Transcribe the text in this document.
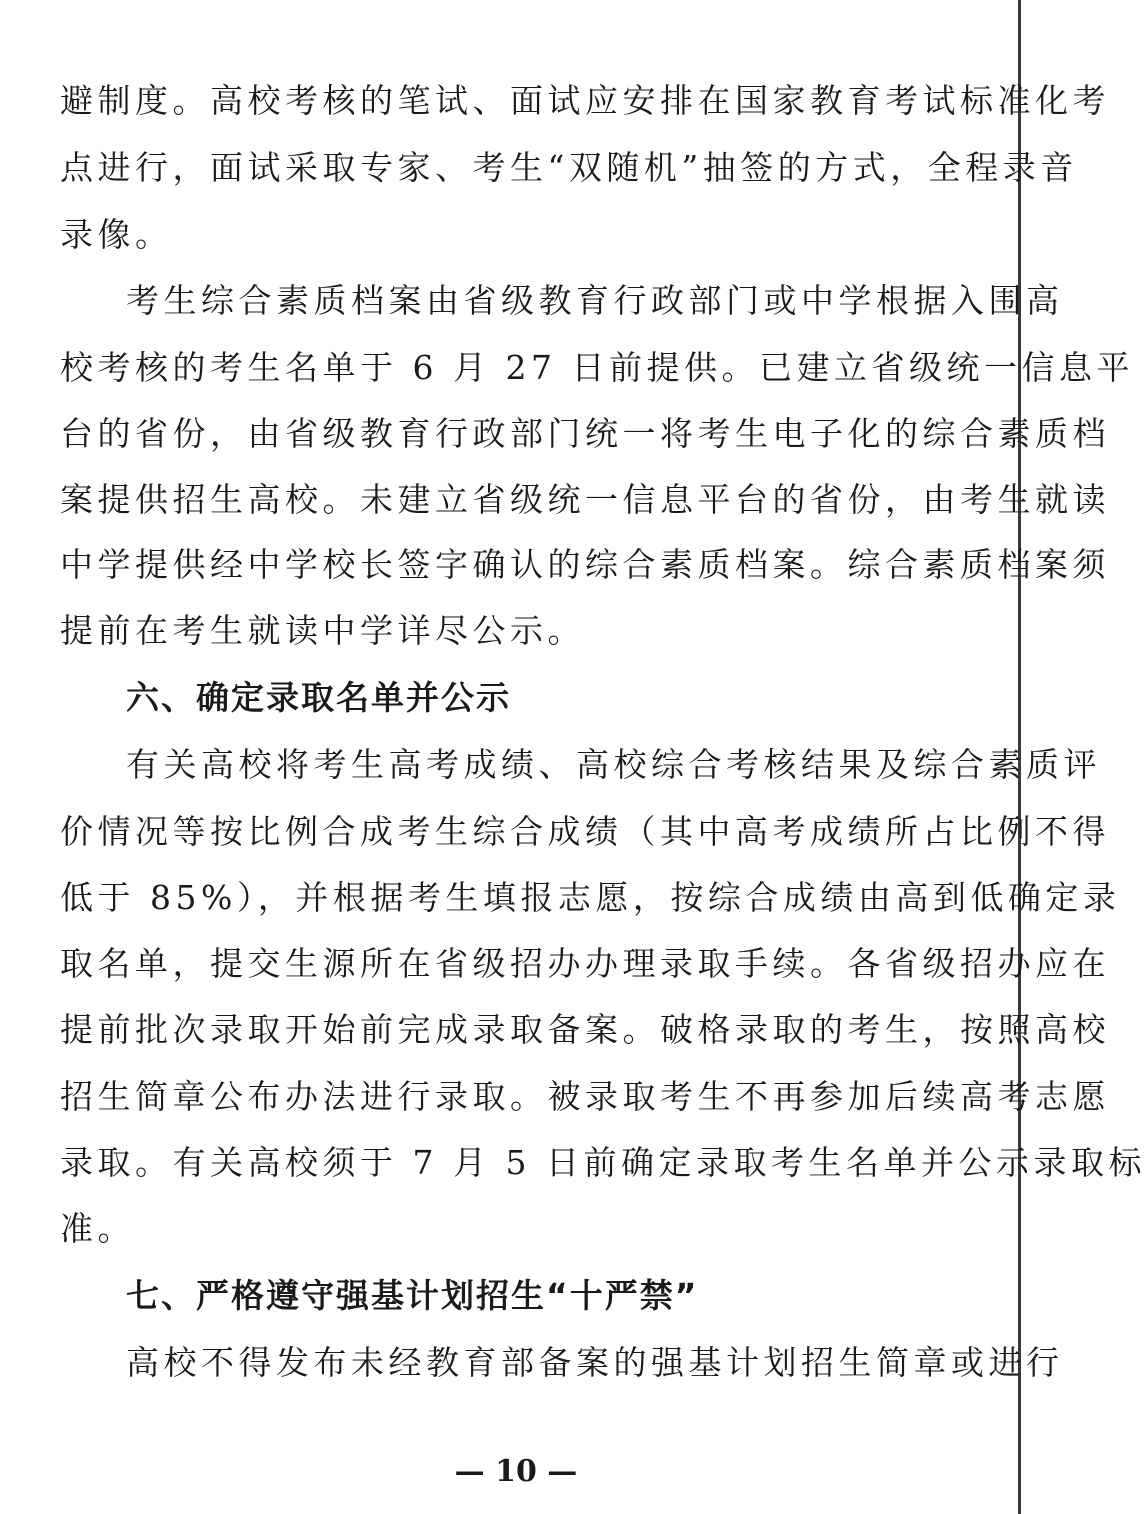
避制度。高校考核的笔试、面试应安排在国家教育考试标准化考
点进行，面试采取专家、考生“双随机”抽签的方式，全程录音
录像。
考生综合素质档案由省级教育行政部门或中学根据入围高
校考核的考生名单于 6 月 27 日前提供。已建立省级统一信息平
台的省份，由省级教育行政部门统一将考生电子化的综合素质档
案提供招生高校。未建立省级统一信息平台的省份，由考生就读
中学提供经中学校长签字确认的综合素质档案。综合素质档案须
提前在考生就读中学详尽公示。
六、确定录取名单并公示
有关高校将考生高考成绩、高校综合考核结果及综合素质评
价情况等按比例合成考生综合成绩（其中高考成绩所占比例不得
低于 85%），并根据考生填报志愿，按综合成绩由高到低确定录
取名单，提交生源所在省级招办办理录取手续。各省级招办应在
提前批次录取开始前完成录取备案。破格录取的考生，按照高校
招生简章公布办法进行录取。被录取考生不再参加后续高考志愿
录取。有关高校须于 7 月 5 日前确定录取考生名单并公示录取标
准。
七、严格遵守强基计划招生“十严禁”
高校不得发布未经教育部备案的强基计划招生简章或进行
— 10 —
